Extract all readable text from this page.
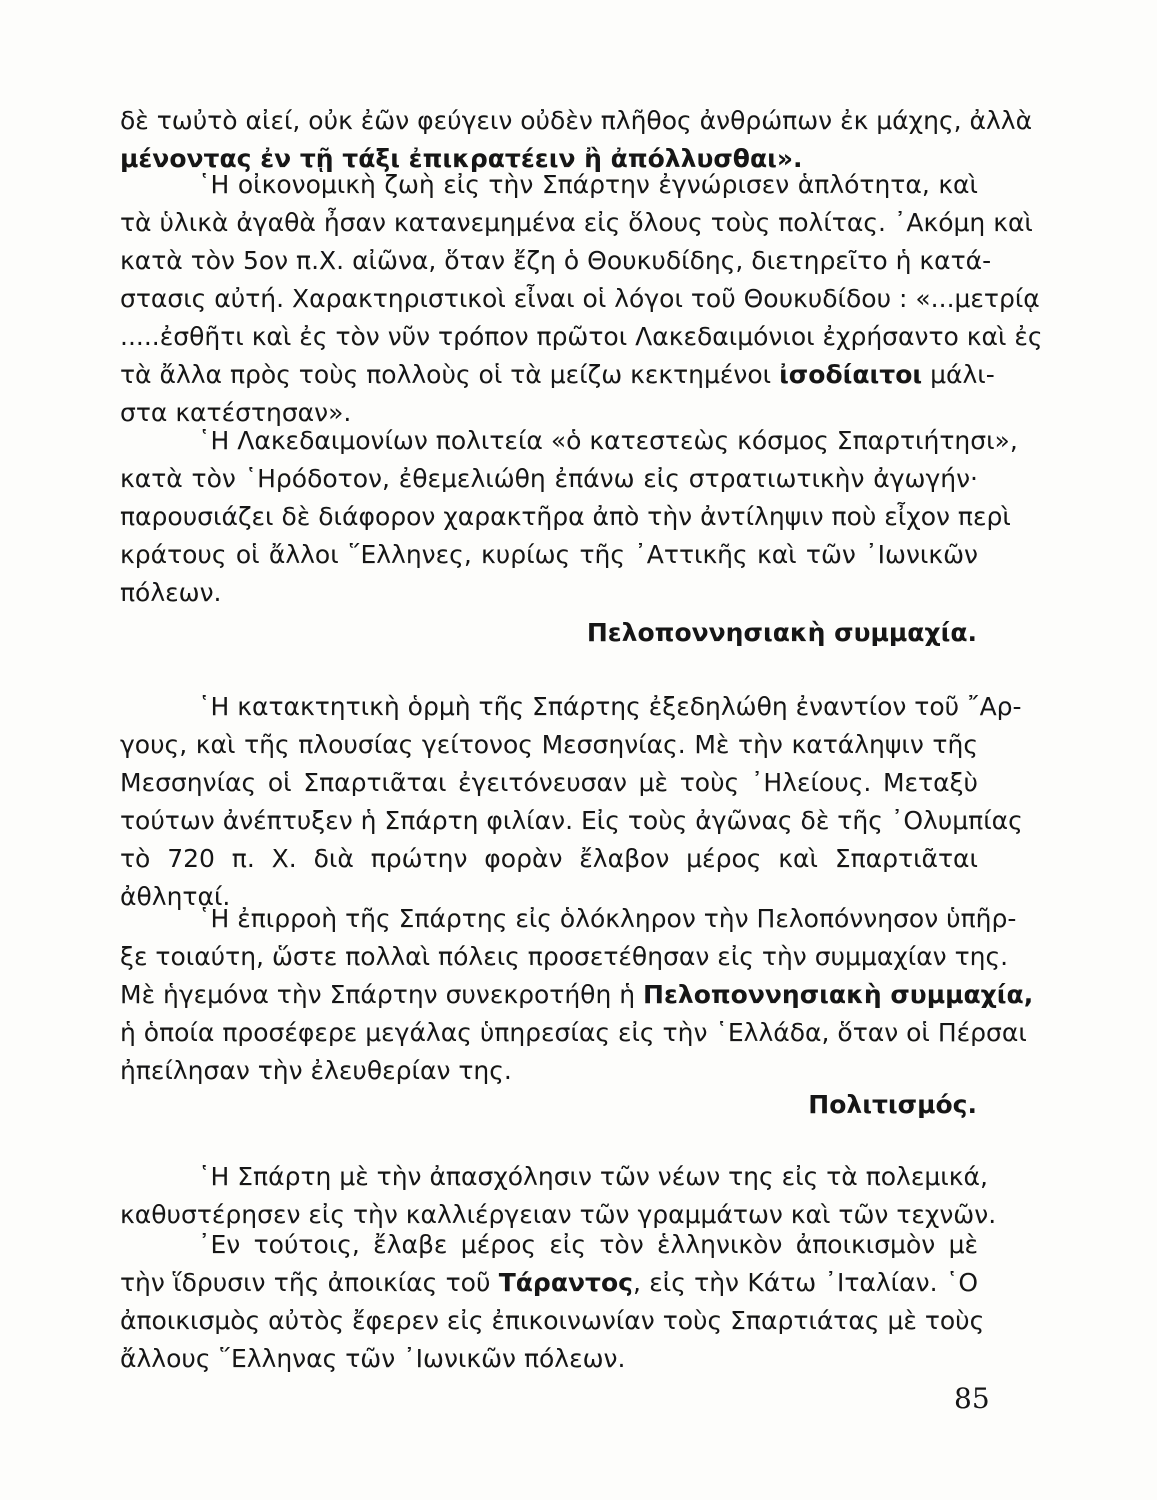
δὲ τωὐτὸ αἰεί, οὐκ ἐῶν φεύγειν οὐδὲν πλῆθος ἀνθρώπων ἐκ μάχης, ἀλλὰ
μένοντας ἐν τῇ τάξι ἐπικρατέειν ἢ ἀπόλλυσθαι».
῾Η οἰκονομικὴ ζωὴ εἰς τὴν Σπάρτην ἐγνώρισεν ἁπλότητα, καὶ
τὰ ὑλικὰ ἀγαθὰ ἦσαν κατανεμημένα εἰς ὅλους τοὺς πολίτας. ᾿Ακόμη καὶ
κατὰ τὸν 5ον π.Χ. αἰῶνα, ὅταν ἔζη ὁ Θουκυδίδης, διετηρεῖτο ἡ κατά-
στασις αὐτή. Χαρακτηριστικοὶ εἶναι οἱ λόγοι τοῦ Θουκυδίδου : «...μετρίᾳ
.....ἐσθῆτι καὶ ἐς τὸν νῦν τρόπον πρῶτοι Λακεδαιμόνιοι ἐχρήσαντο καὶ ἐς
τὰ ἄλλα πρὸς τοὺς πολλοὺς οἱ τὰ μείζω κεκτημένοι ἰσοδίαιτοι μάλι-
στα κατέστησαν».
῾Η Λακεδαιμονίων πολιτεία «ὁ κατεστεὼς κόσμος Σπαρτιήτησι»,
κατὰ τὸν ῾Ηρόδοτον, ἐθεμελιώθη ἐπάνω εἰς στρατιωτικὴν ἀγωγήν·
παρουσιάζει δὲ διάφορον χαρακτῆρα ἀπὸ τὴν ἀντίληψιν ποὺ εἶχον περὶ
κράτους οἱ ἄλλοι ῞Ελληνες, κυρίως τῆς ᾿Αττικῆς καὶ τῶν ᾿Ιωνικῶν
πόλεων.
Πελοποννησιακὴ συμμαχία.
῾Η κατακτητικὴ ὁρμὴ τῆς Σπάρτης ἐξεδηλώθη ἐναντίον τοῦ ῎Αρ-
γους, καὶ τῆς πλουσίας γείτονος Μεσσηνίας. Μὲ τὴν κατάληψιν τῆς
Μεσσηνίας οἱ Σπαρτιᾶται ἐγειτόνευσαν μὲ τοὺς ᾿Ηλείους. Μεταξὺ
τούτων ἀνέπτυξεν ἡ Σπάρτη φιλίαν. Εἰς τοὺς ἀγῶνας δὲ τῆς ᾿Ολυμπίας
τὸ 720 π. Χ. διὰ πρώτην φορὰν ἔλαβον μέρος καὶ Σπαρτιᾶται
ἀθληταί.
῾Η ἐπιρροὴ τῆς Σπάρτης εἰς ὁλόκληρον τὴν Πελοπόννησον ὑπῆρ-
ξε τοιαύτη, ὥστε πολλαὶ πόλεις προσετέθησαν εἰς τὴν συμμαχίαν της.
Μὲ ἡγεμόνα τὴν Σπάρτην συνεκροτήθη ἡ Πελοποννησιακὴ συμμαχία,
ἡ ὁποία προσέφερε μεγάλας ὑπηρεσίας εἰς τὴν ῾Ελλάδα, ὅταν οἱ Πέρσαι
ἠπείλησαν τὴν ἐλευθερίαν της.
Πολιτισμός.
῾Η Σπάρτη μὲ τὴν ἀπασχόλησιν τῶν νέων της εἰς τὰ πολεμικά,
καθυστέρησεν εἰς τὴν καλλιέργειαν τῶν γραμμάτων καὶ τῶν τεχνῶν.
᾿Εν τούτοις, ἔλαβε μέρος εἰς τὸν ἑλληνικὸν ἀποικισμὸν μὲ
τὴν ἵδρυσιν τῆς ἀποικίας τοῦ Τάραντος, εἰς τὴν Κάτω ᾿Ιταλίαν. ῾Ο
ἀποικισμὸς αὐτὸς ἔφερεν εἰς ἐπικοινωνίαν τοὺς Σπαρτιάτας μὲ τοὺς
ἄλλους ῞Ελληνας τῶν ᾿Ιωνικῶν πόλεων.
85
